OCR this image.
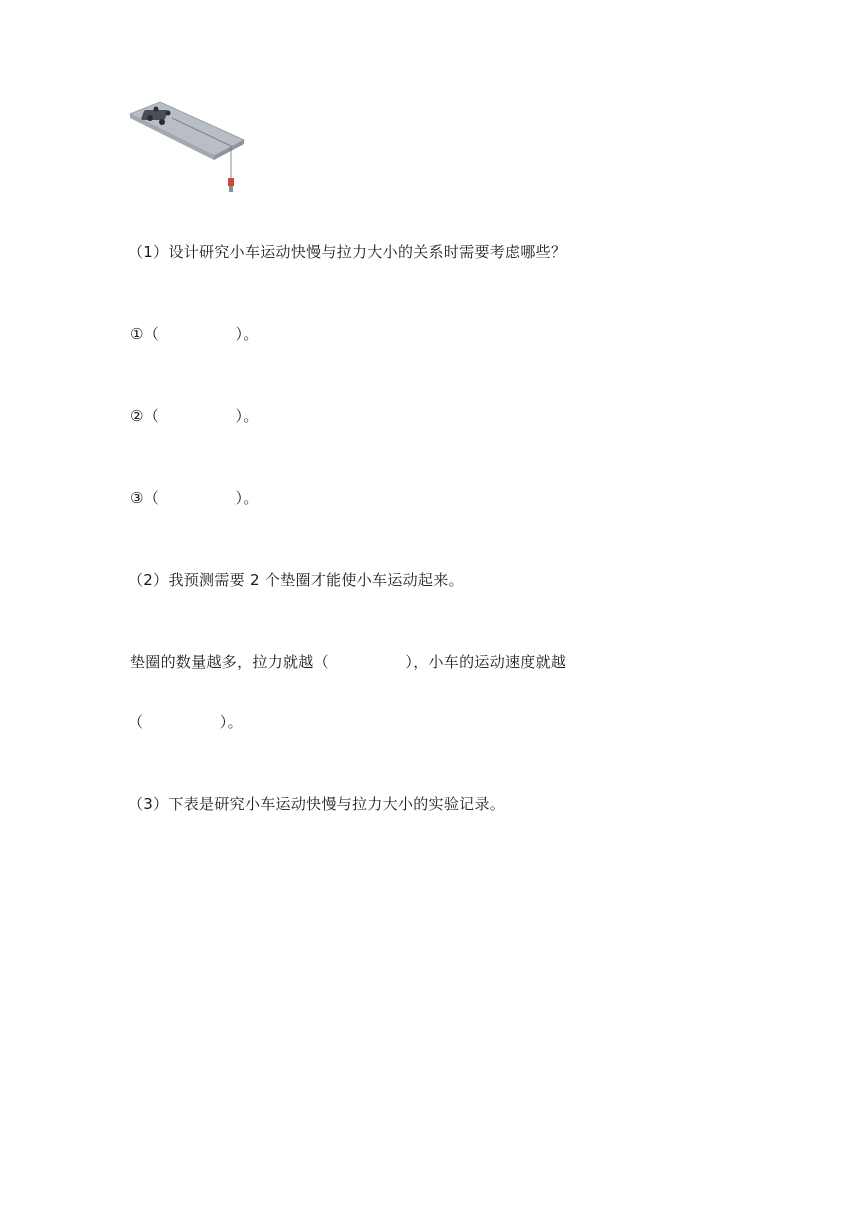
（1）设计研究小车运动快慢与拉力大小的关系时需要考虑哪些？
①（　　　　　）。
②（　　　　　）。
③（　　　　　）。
（2）我预测需要 2 个垫圈才能使小车运动起来。
垫圈的数量越多，拉力就越（　　　　　），小车的运动速度就越
（　　　　　）。
（3）下表是研究小车运动快慢与拉力大小的实验记录。
